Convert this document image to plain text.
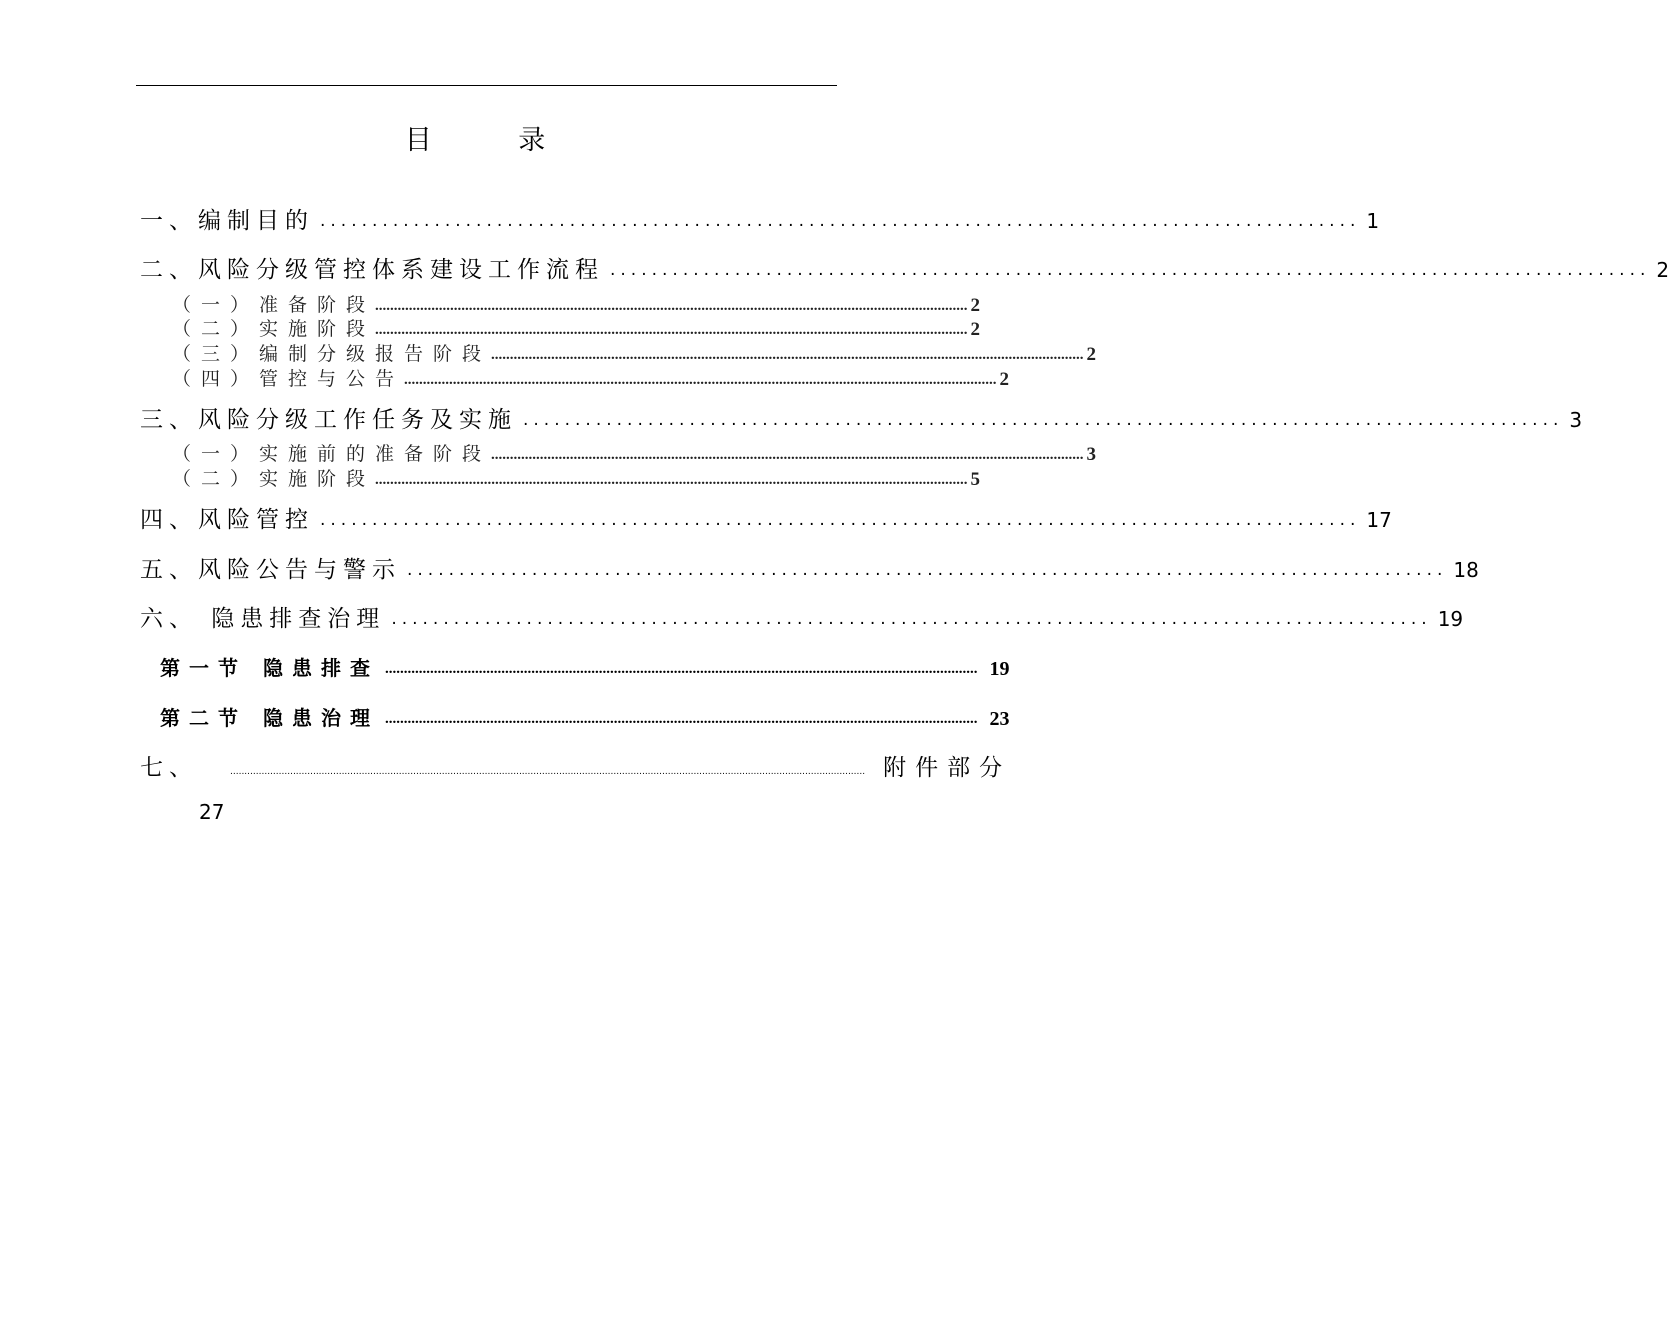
目 录
一、编制目的 .................................................................................................... 1
二、风险分级管控体系建设工作流程 .................................................................................................... 2
（一）准备阶段 .............................................................................................................................................................. 2
（二）实施阶段 .............................................................................................................................................................. 2
（三）编制分级报告阶段 .............................................................................................................................................................. 2
（四）管控与公告 .............................................................................................................................................................. 2
三、风险分级工作任务及实施 .................................................................................................... 3
（一）实施前的准备阶段 .............................................................................................................................................................. 3
（二）实施阶段 .............................................................................................................................................................. 5
四、风险管控 .................................................................................................... 17
五、风险公告与警示 .................................................................................................... 18
六、 隐患排查治理 .................................................................................................... 19
第一节 隐患排查 .............................................................................................................................................................. 19
第二节 隐患治理 .............................................................................................................................................................. 23
七、	.............................................................................................................................................................................................................................. 附件部分
27
